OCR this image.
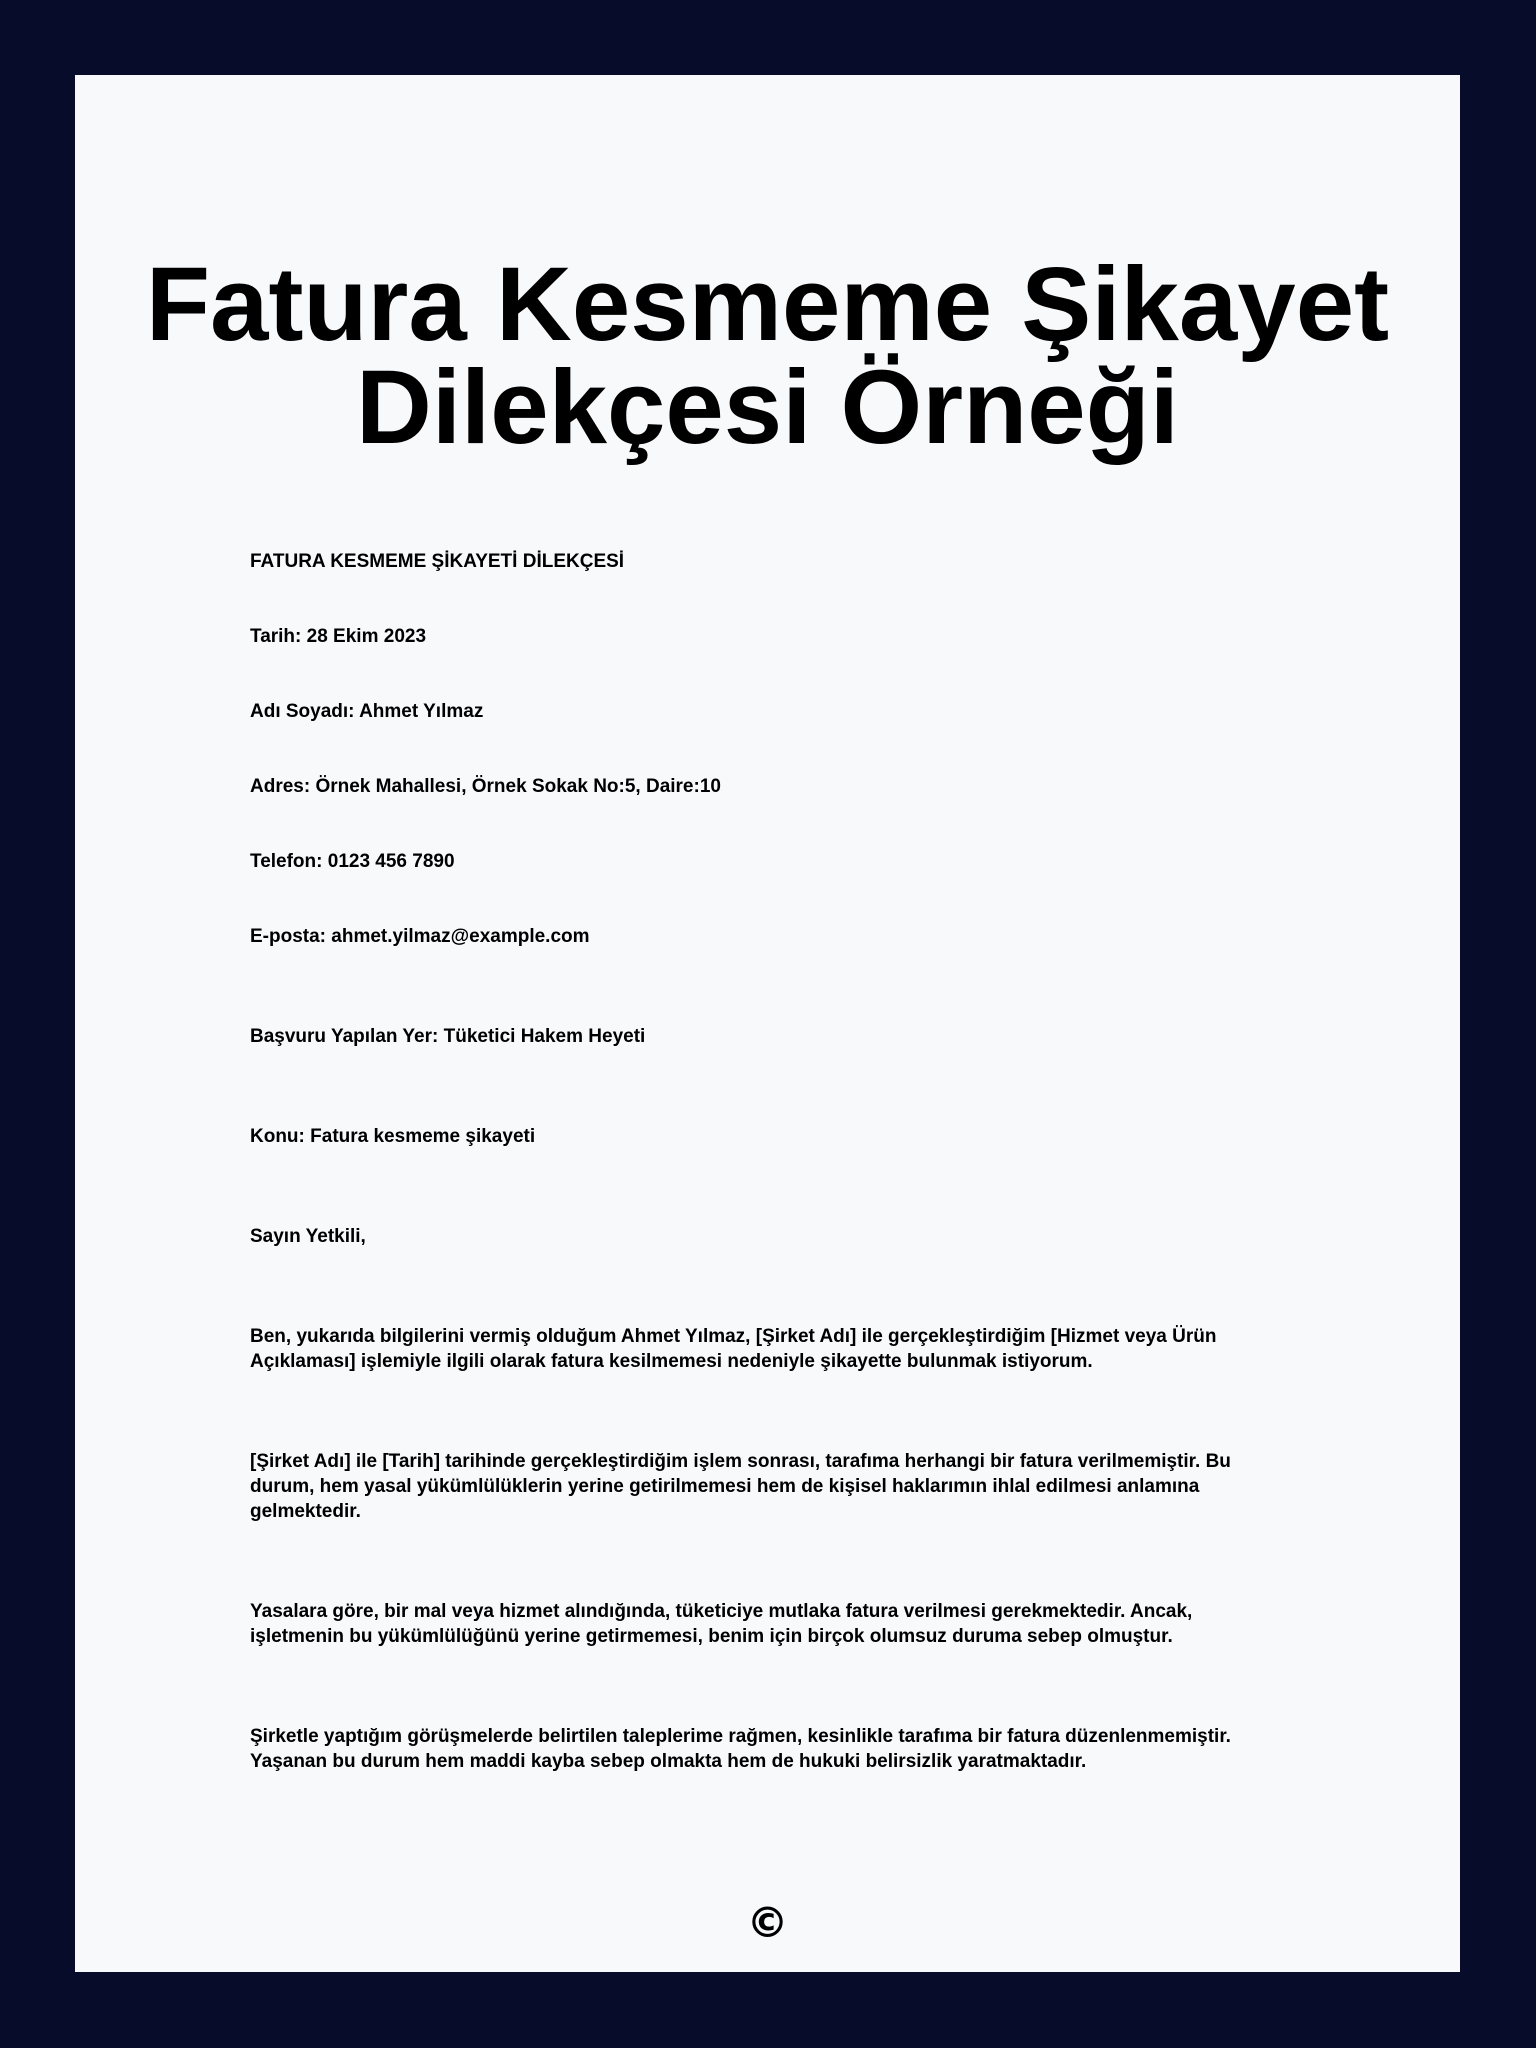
Fatura Kesmeme Şikayet Dilekçesi Örneği

FATURA KESMEME ŞİKAYETİ DİLEKÇESİ

Tarih: 28 Ekim 2023

Adı Soyadı: Ahmet Yılmaz

Adres: Örnek Mahallesi, Örnek Sokak No:5, Daire:10

Telefon: 0123 456 7890

E-posta: ahmet.yilmaz@example.com

Başvuru Yapılan Yer: Tüketici Hakem Heyeti

Konu: Fatura kesmeme şikayeti

Sayın Yetkili,

Ben, yukarıda bilgilerini vermiş olduğum Ahmet Yılmaz, [Şirket Adı] ile gerçekleştirdiğim [Hizmet veya Ürün Açıklaması] işlemiyle ilgili olarak fatura kesilmemesi nedeniyle şikayette bulunmak istiyorum.

[Şirket Adı] ile [Tarih] tarihinde gerçekleştirdiğim işlem sonrası, tarafıma herhangi bir fatura verilmemiştir. Bu durum, hem yasal yükümlülüklerin yerine getirilmemesi hem de kişisel haklarımın ihlal edilmesi anlamına gelmektedir.

Yasalara göre, bir mal veya hizmet alındığında, tüketiciye mutlaka fatura verilmesi gerekmektedir. Ancak, işletmenin bu yükümlülüğünü yerine getirmemesi, benim için birçok olumsuz duruma sebep olmuştur.

Şirketle yaptığım görüşmelerde belirtilen taleplerime rağmen, kesinlikle tarafıma bir fatura düzenlenmemiştir. Yaşanan bu durum hem maddi kayba sebep olmakta hem de hukuki belirsizlik yaratmaktadır.

©
